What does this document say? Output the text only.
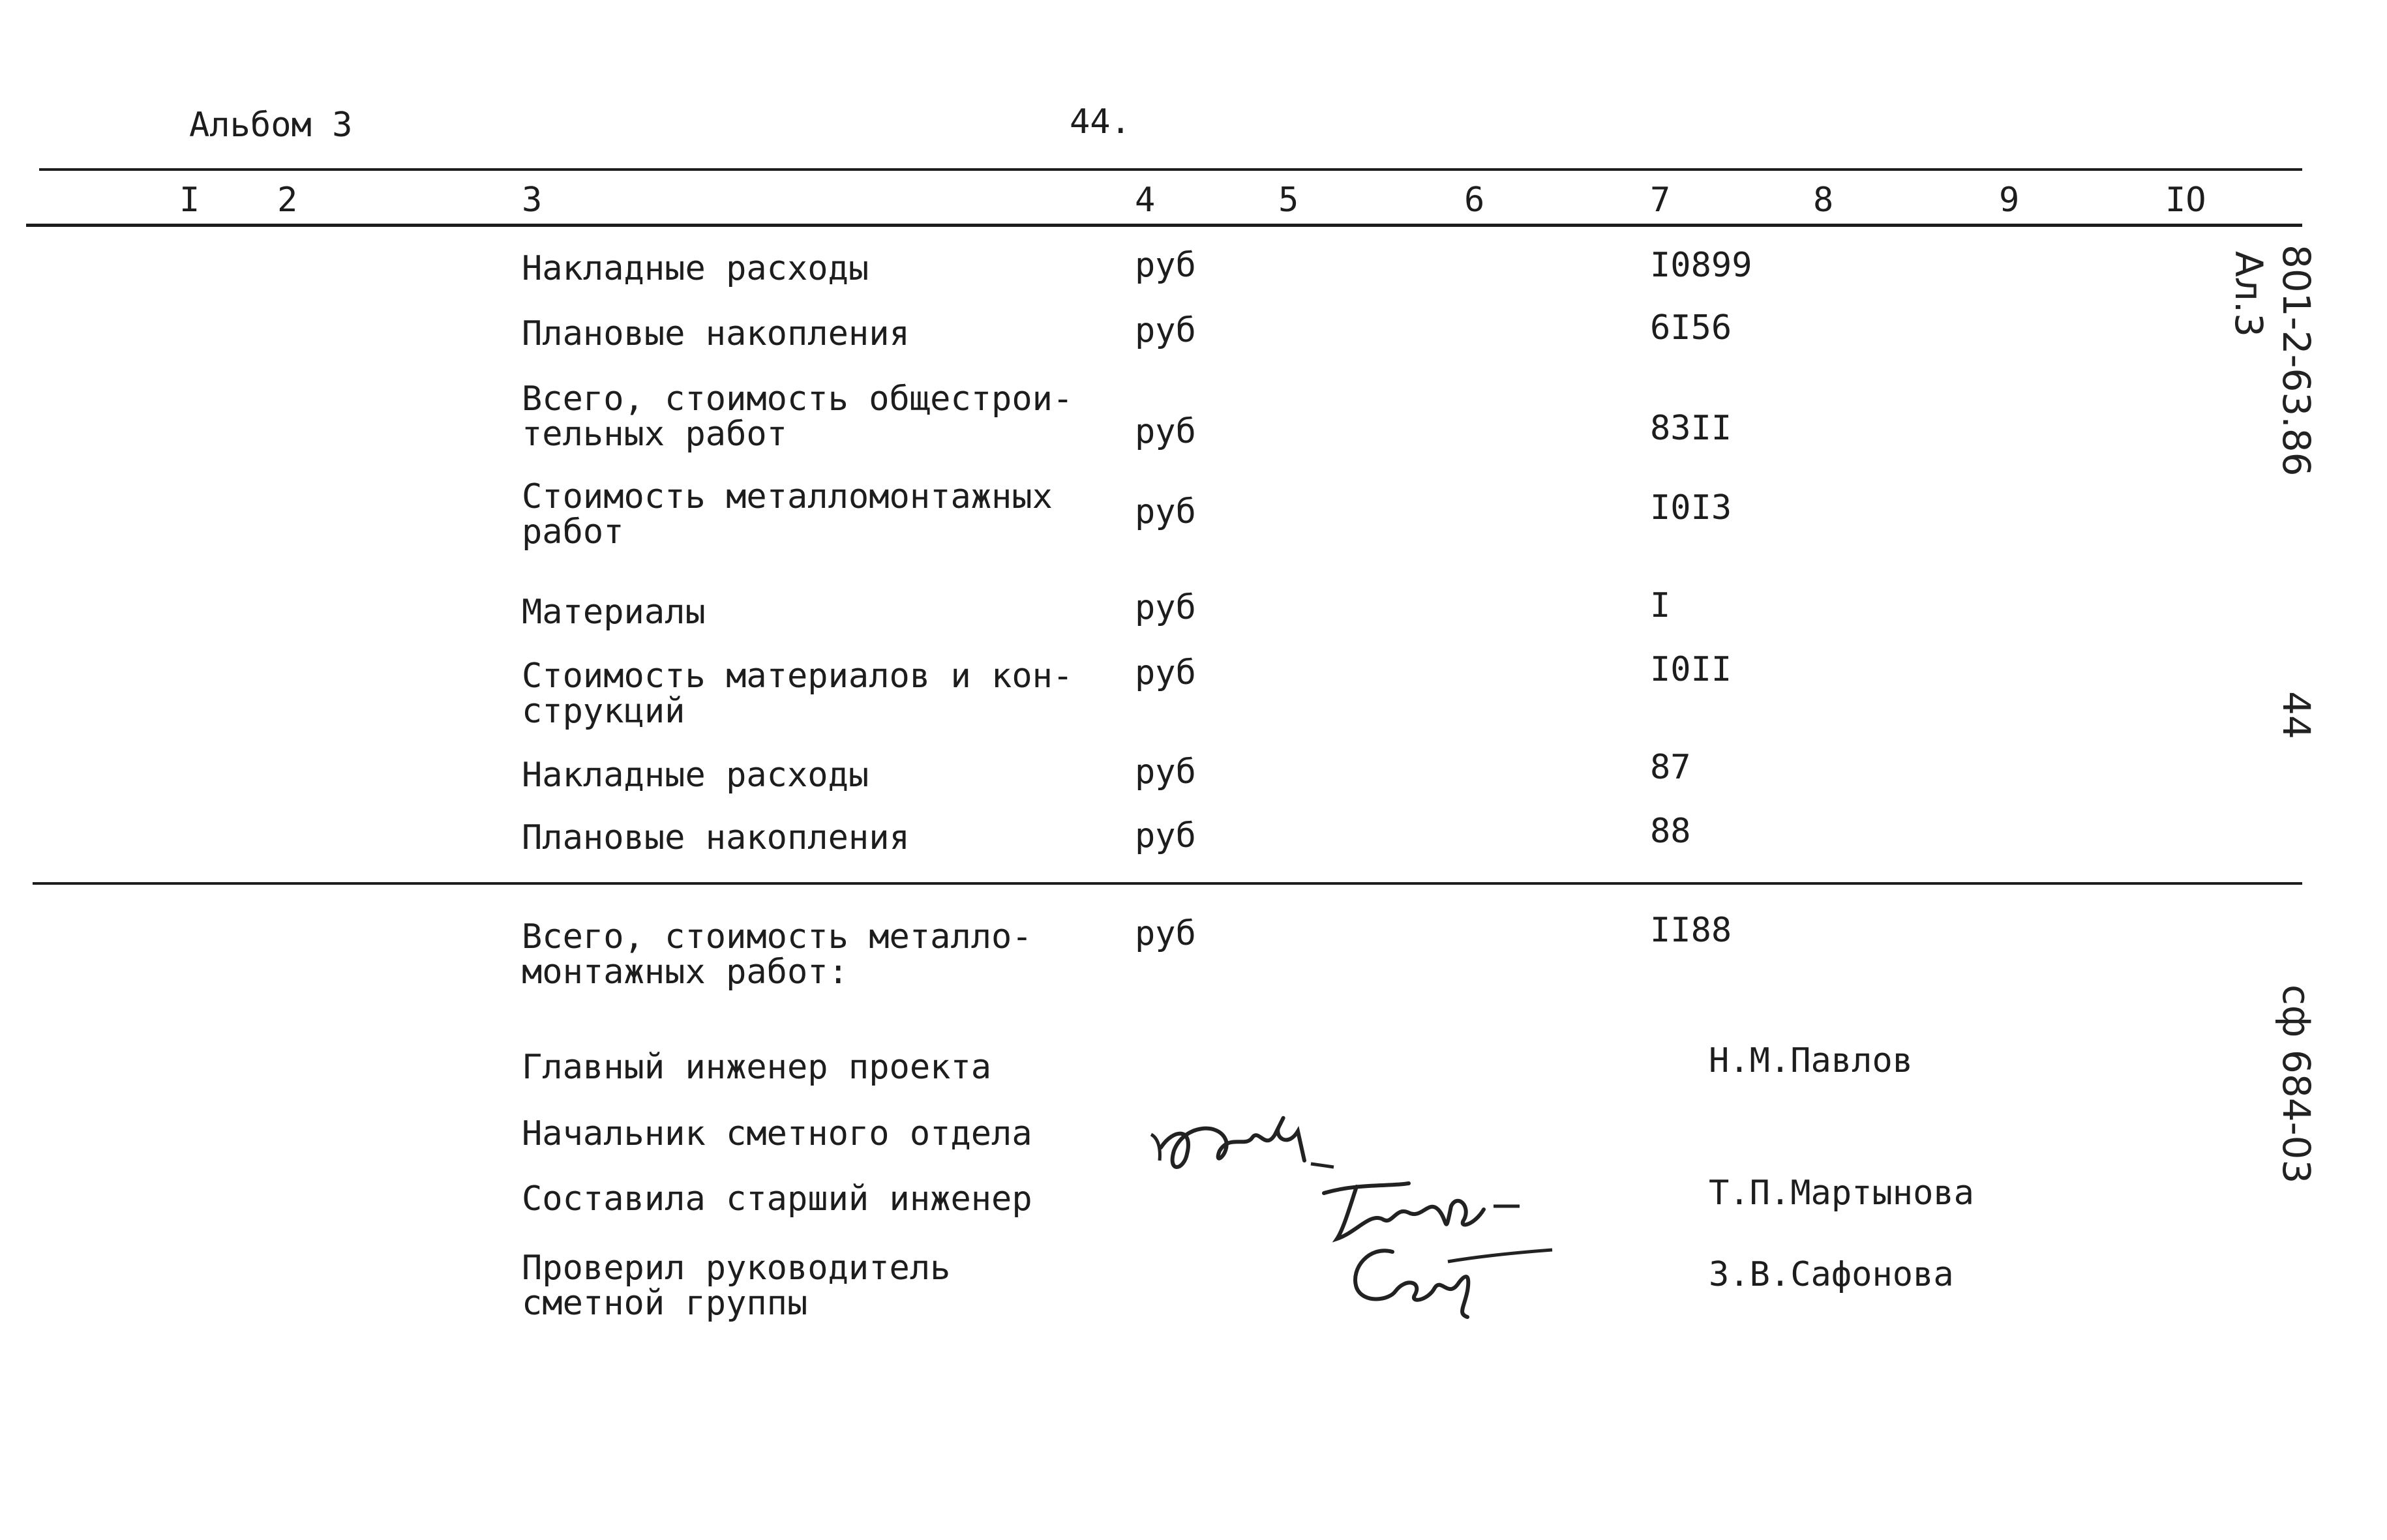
Альбом 3	44.
I 2	3	4	5	6	7	8	9	IO
Накладные расходы	руб	I0899
Плановые накопления	руб	6I56
Всего, стоимость общестрои-
тельных работ	руб	83II
Стоимость металломонтажных
работ
руб	I0I3
Материалы	руб	I
Стоимость материалов и кон-
струкций
руб	I0II
Накладные расходы	руб	87
Плановые накопления	руб	88
Всего, стоимость металло-
монтажных работ:
руб	II88
Главный инженер проекта	Н.М.Павлов
Начальник сметного отдела
Составила старший инженер	Т.П.Мартынова
Проверил руководитель
сметной группы
З.В.Сафонова
801-2-63.86
Ал.3
44
сф 684-03
